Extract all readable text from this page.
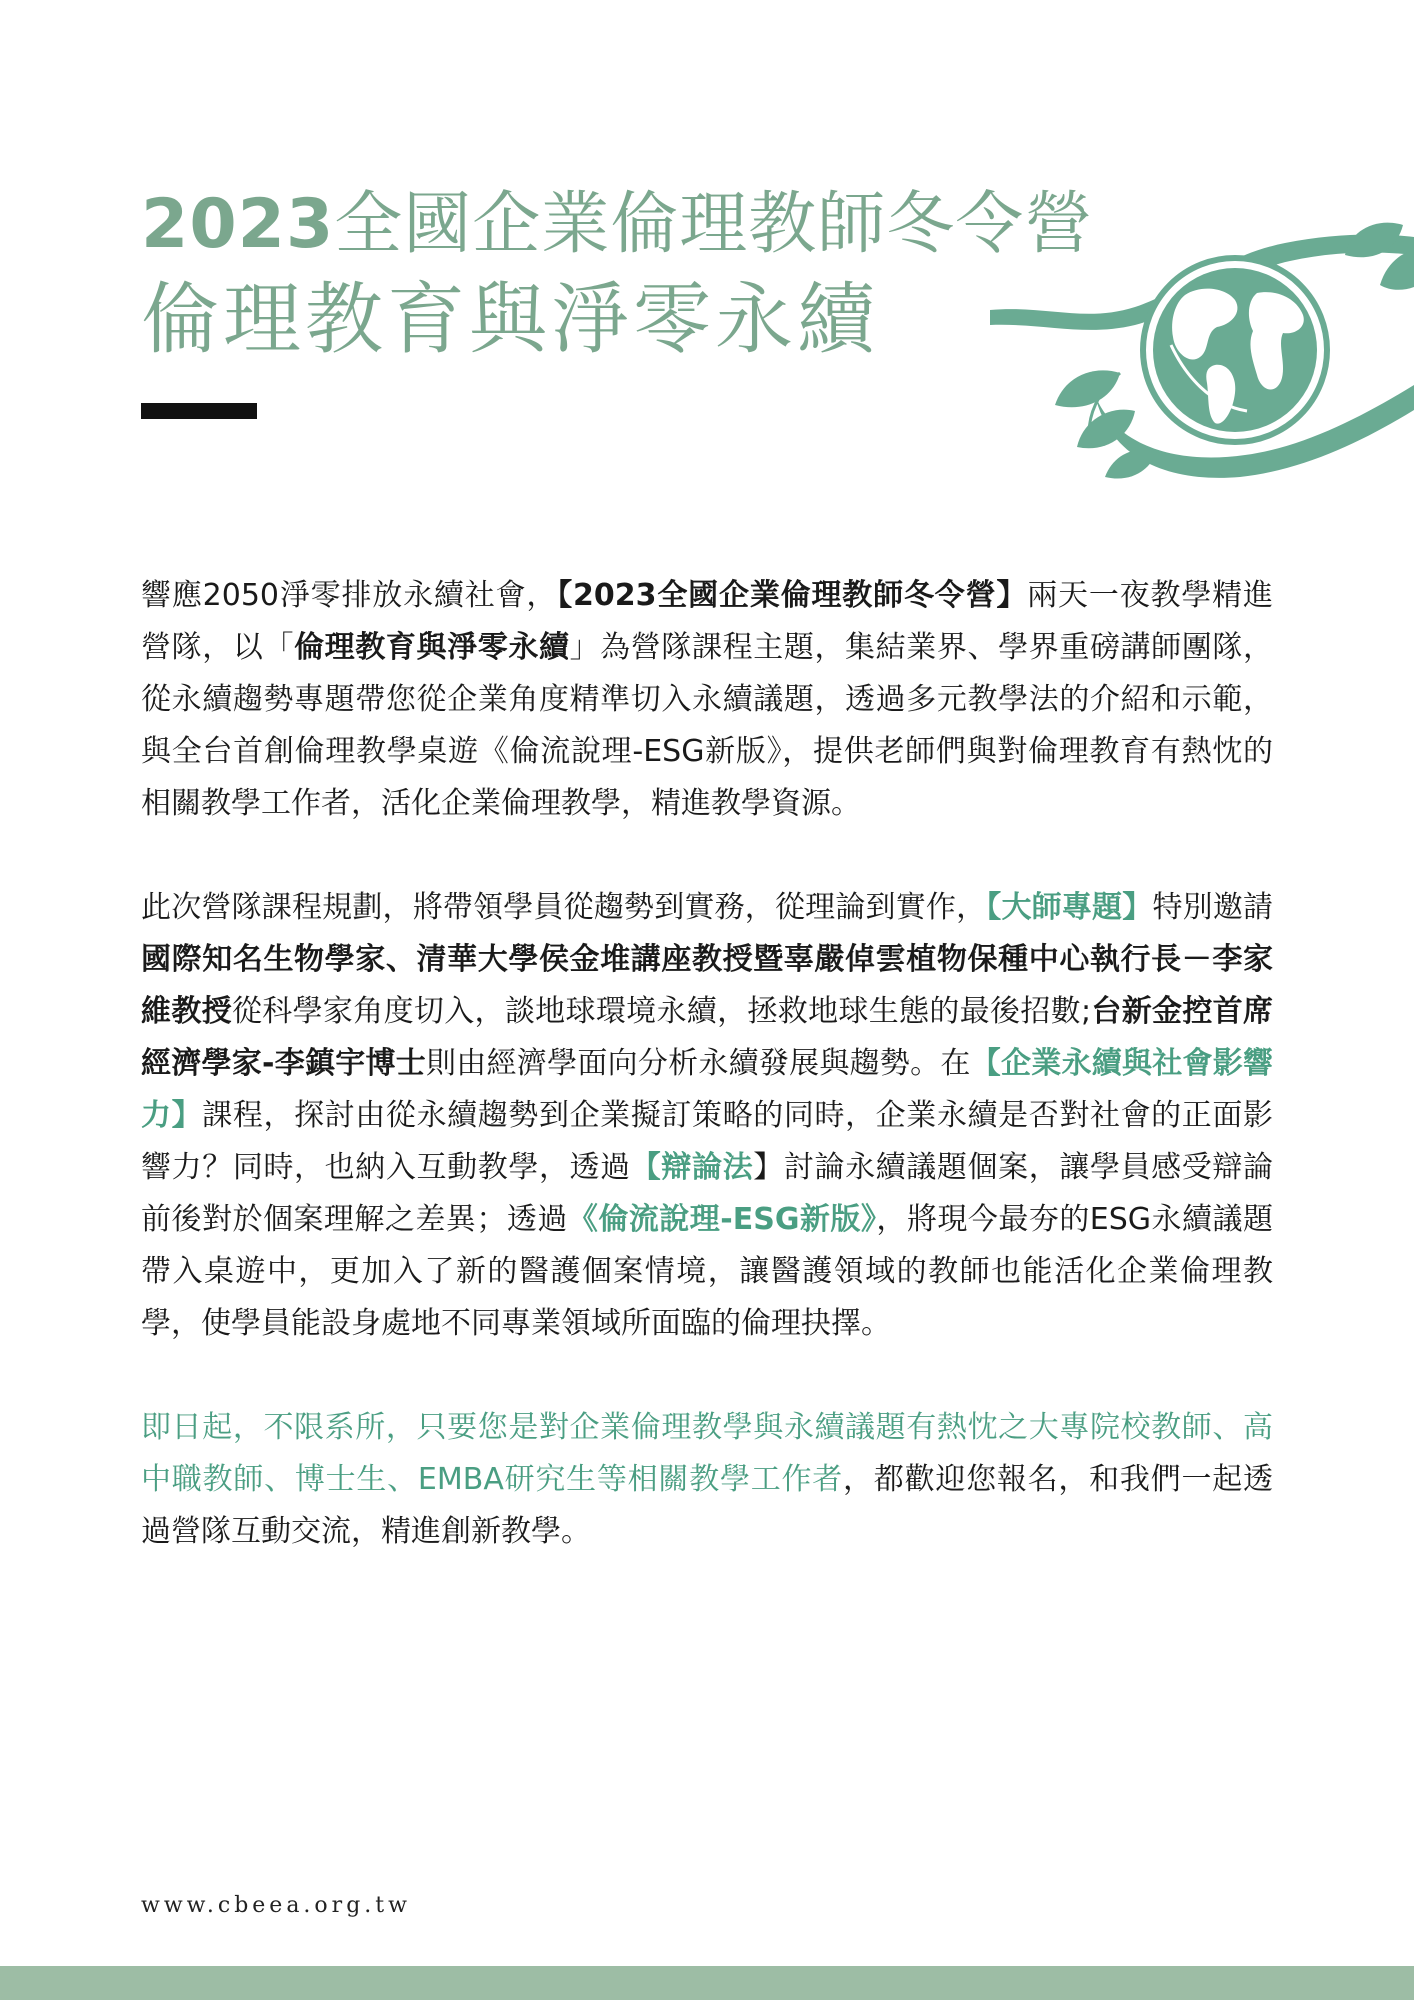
2023全國企業倫理教師冬令營
倫理教育與淨零永續

響應2050淨零排放永續社會，【2023全國企業倫理教師冬令營】兩天一夜教學精進營隊，以「倫理教育與淨零永續」為營隊課程主題，集結業界、學界重磅講師團隊，從永續趨勢專題帶您從企業角度精準切入永續議題，透過多元教學法的介紹和示範，與全台首創倫理教學桌遊《倫流說理-ESG新版》，提供老師們與對倫理教育有熱忱的相關教學工作者，活化企業倫理教學，精進教學資源。

此次營隊課程規劃，將帶領學員從趨勢到實務，從理論到實作，【大師專題】特別邀請國際知名生物學家、清華大學侯金堆講座教授暨辜嚴倬雲植物保種中心執行長－李家維教授從科學家角度切入，談地球環境永續，拯救地球生態的最後招數;台新金控首席經濟學家-李鎮宇博士則由經濟學面向分析永續發展與趨勢。在【企業永續與社會影響力】課程，探討由從永續趨勢到企業擬訂策略的同時，企業永續是否對社會的正面影響力？同時，也納入互動教學，透過【辯論法】討論永續議題個案，讓學員感受辯論前後對於個案理解之差異；透過《倫流說理-ESG新版》，將現今最夯的ESG永續議題帶入桌遊中，更加入了新的醫護個案情境，讓醫護領域的教師也能活化企業倫理教學，使學員能設身處地不同專業領域所面臨的倫理抉擇。

即日起，不限系所，只要您是對企業倫理教學與永續議題有熱忱之大專院校教師、高中職教師、博士生、EMBA研究生等相關教學工作者，都歡迎您報名，和我們一起透過營隊互動交流，精進創新教學。

www.cbeea.org.tw
